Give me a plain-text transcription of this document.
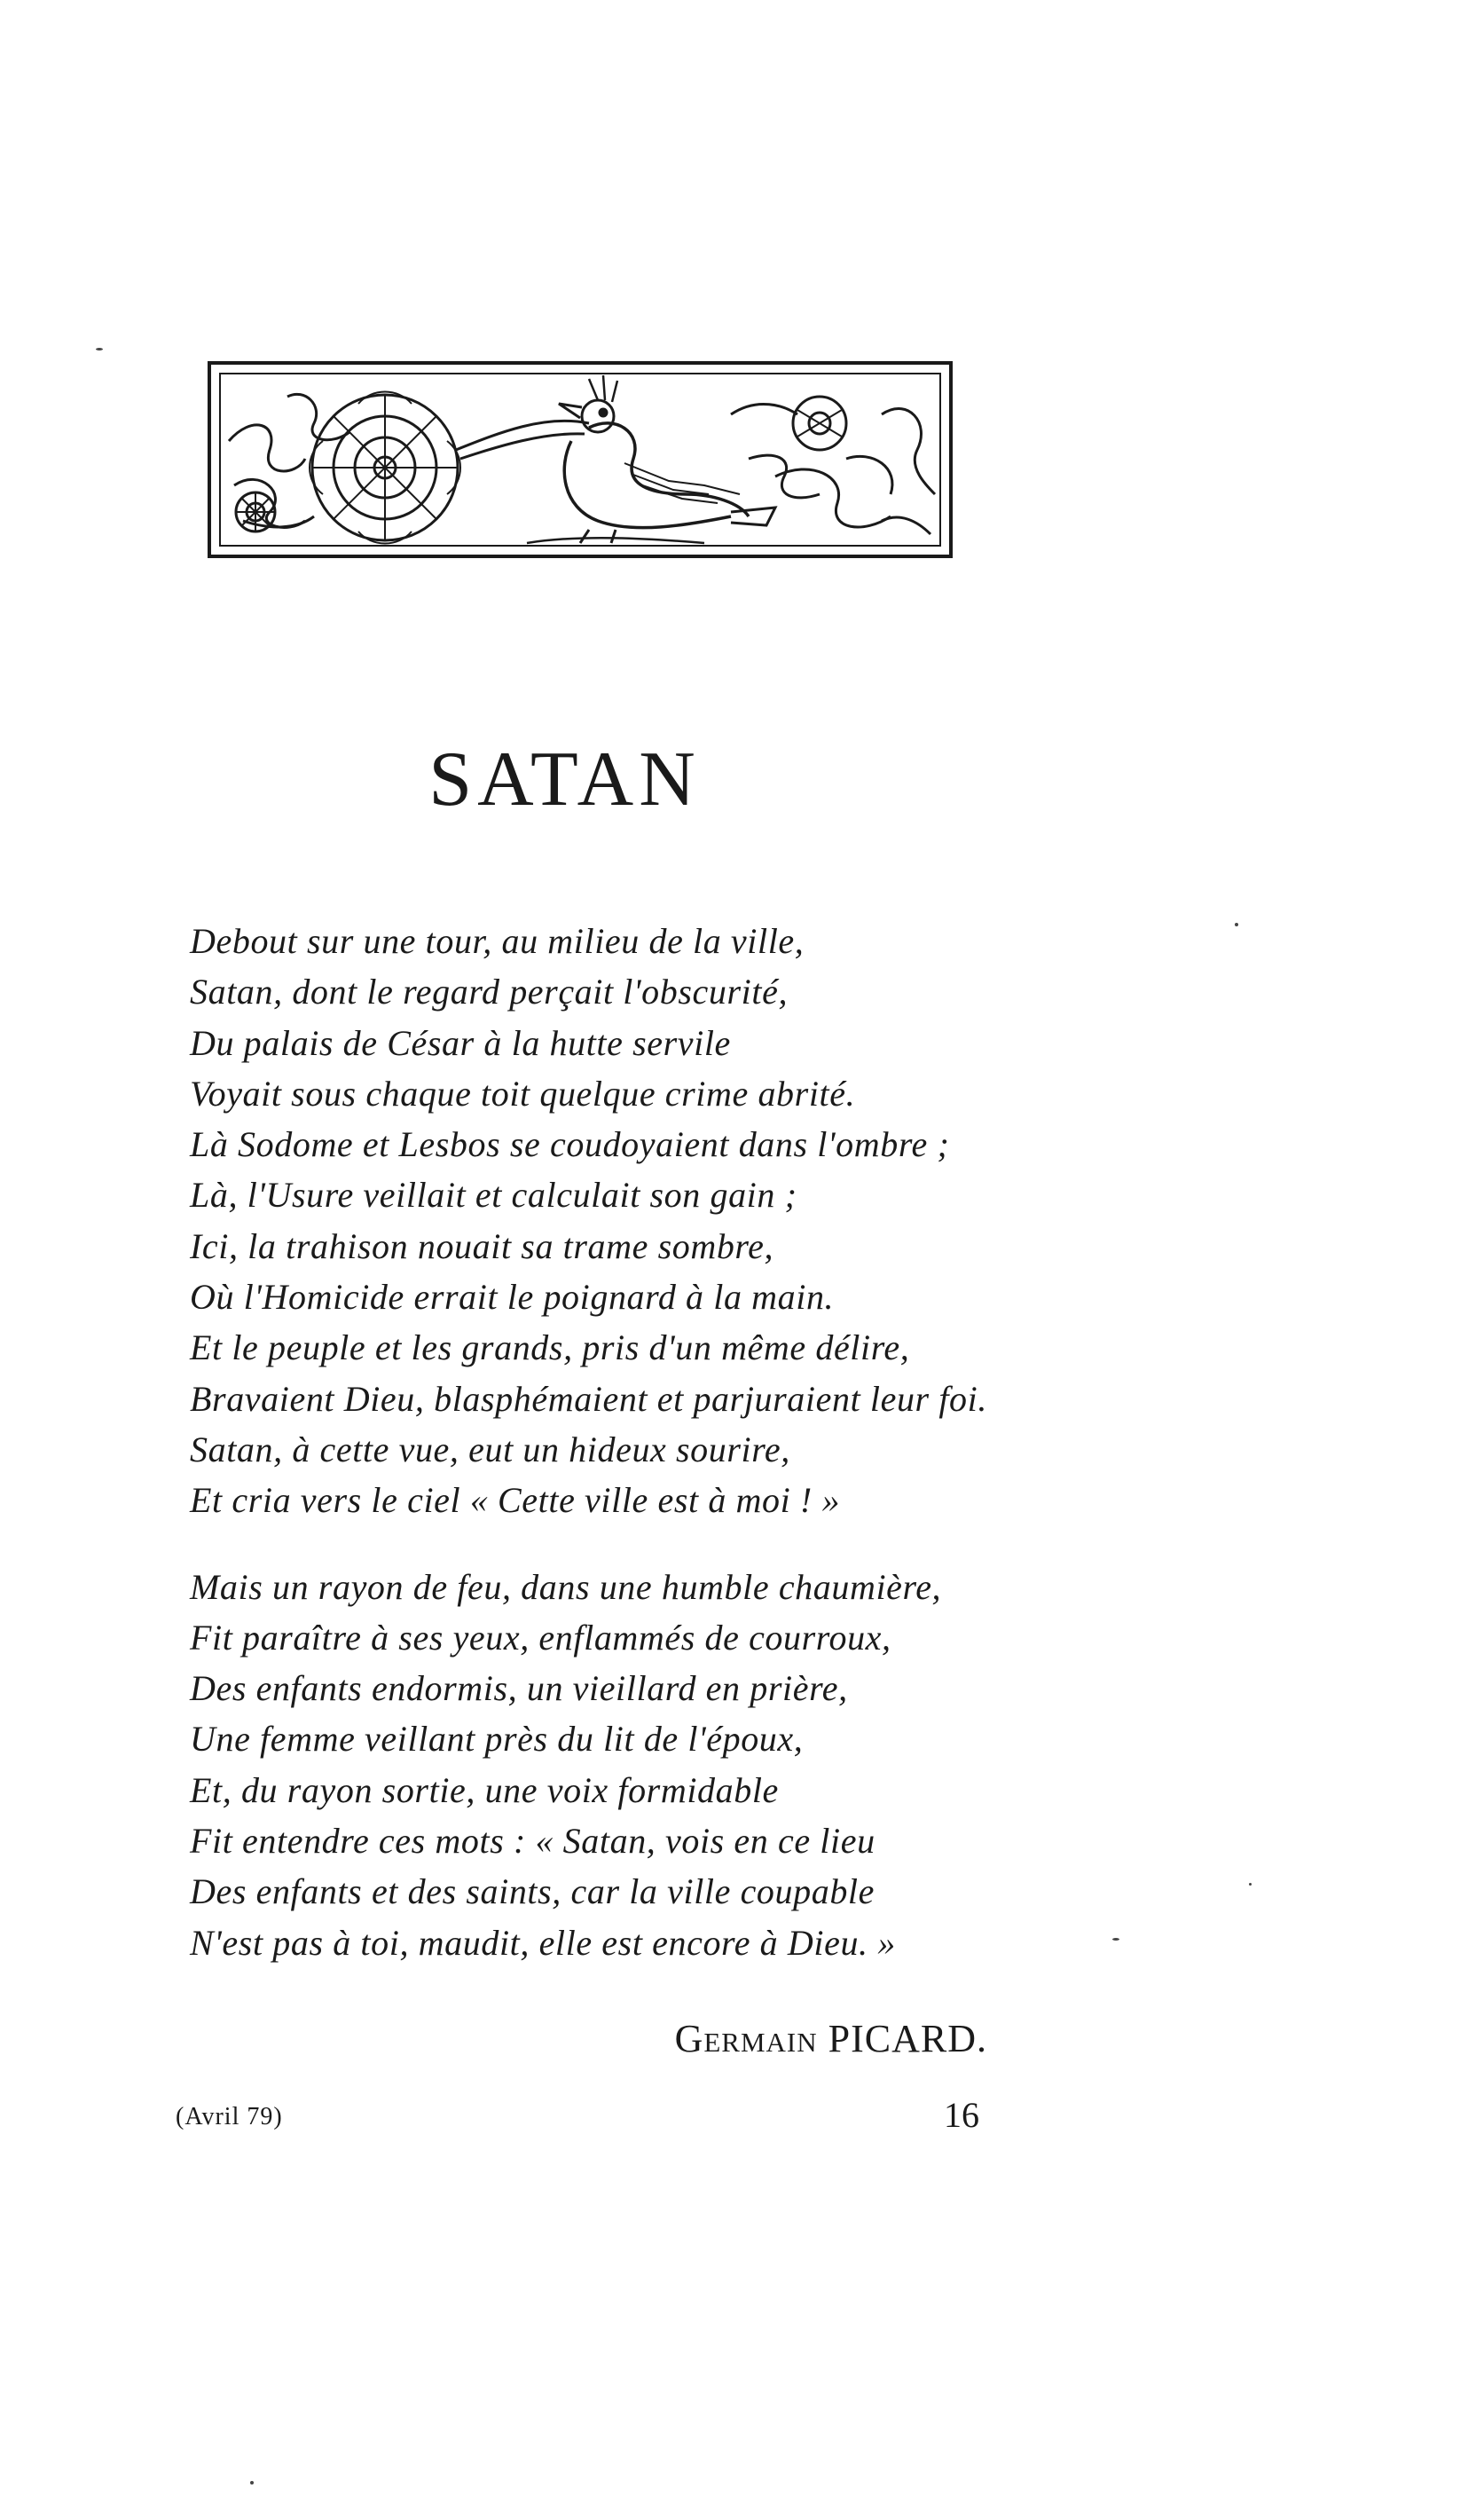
SATAN
Debout sur une tour, au milieu de la ville,
Satan, dont le regard perçait l'obscurité,
Du palais de César à la hutte servile
Voyait sous chaque toit quelque crime abrité.
Là Sodome et Lesbos se coudoyaient dans l'ombre ;
Là, l'Usure veillait et calculait son gain ;
Ici, la trahison nouait sa trame sombre,
Où l'Homicide errait le poignard à la main.
Et le peuple et les grands, pris d'un même délire,
Bravaient Dieu, blasphémaient et parjuraient leur foi.
Satan, à cette vue, eut un hideux sourire,
Et cria vers le ciel « Cette ville est à moi ! »
Mais un rayon de feu, dans une humble chaumière,
Fit paraître à ses yeux, enflammés de courroux,
Des enfants endormis, un vieillard en prière,
Une femme veillant près du lit de l'époux,
Et, du rayon sortie, une voix formidable
Fit entendre ces mots : « Satan, vois en ce lieu
Des enfants et des saints, car la ville coupable
N'est pas à toi, maudit, elle est encore à Dieu. »
Germain PICARD.
(Avril 79)	16
